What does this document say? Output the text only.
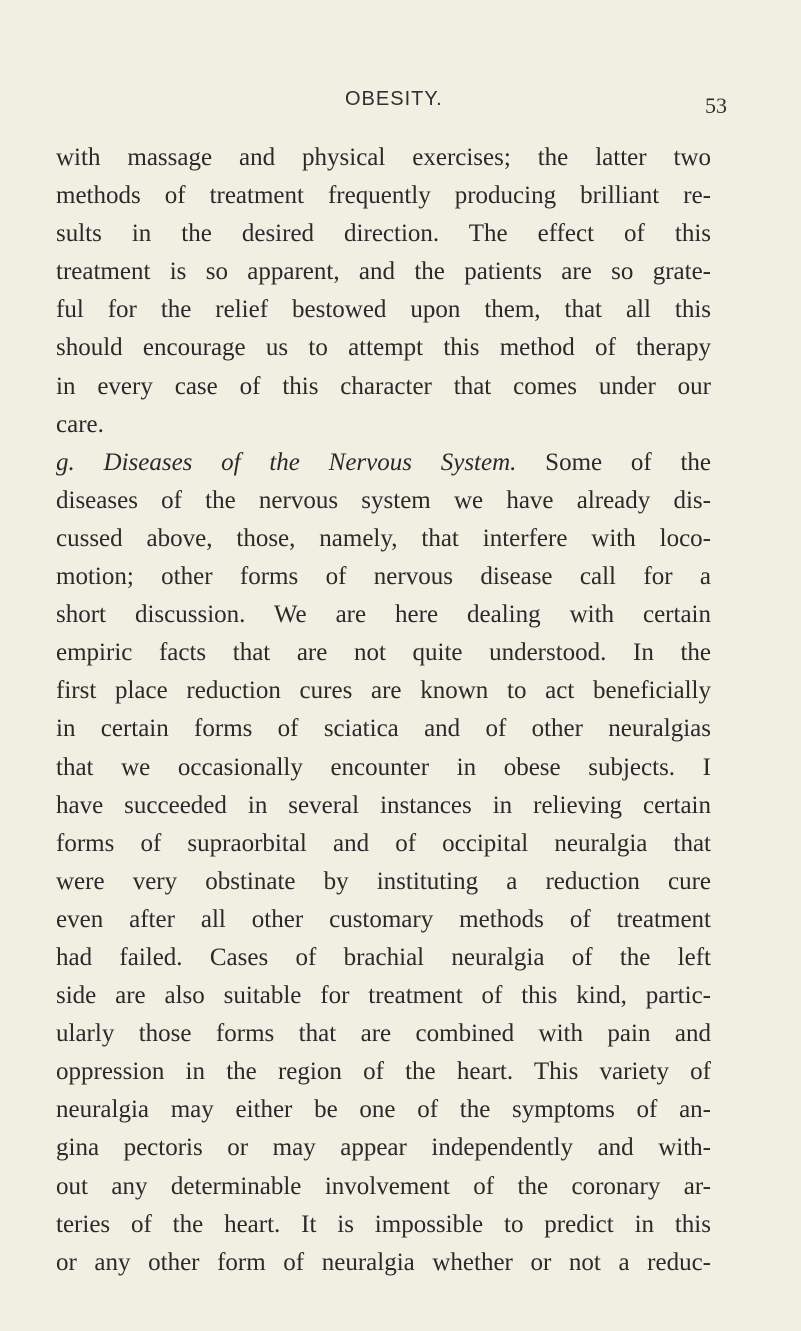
OBESITY.	53
with massage and physical exercises; the latter two
methods of treatment frequently producing brilliant re-
sults in the desired direction. The effect of this
treatment is so apparent, and the patients are so grate-
ful for the relief bestowed upon them, that all this
should encourage us to attempt this method of therapy
in every case of this character that comes under our
care.
g. Diseases of the Nervous System. Some of the
diseases of the nervous system we have already dis-
cussed above, those, namely, that interfere with loco-
motion; other forms of nervous disease call for a
short discussion. We are here dealing with certain
empiric facts that are not quite understood. In the
first place reduction cures are known to act beneficially
in certain forms of sciatica and of other neuralgias
that we occasionally encounter in obese subjects. I
have succeeded in several instances in relieving certain
forms of supraorbital and of occipital neuralgia that
were very obstinate by instituting a reduction cure
even after all other customary methods of treatment
had failed. Cases of brachial neuralgia of the left
side are also suitable for treatment of this kind, partic-
ularly those forms that are combined with pain and
oppression in the region of the heart. This variety of
neuralgia may either be one of the symptoms of an-
gina pectoris or may appear independently and with-
out any determinable involvement of the coronary ar-
teries of the heart. It is impossible to predict in this
or any other form of neuralgia whether or not a reduc-
